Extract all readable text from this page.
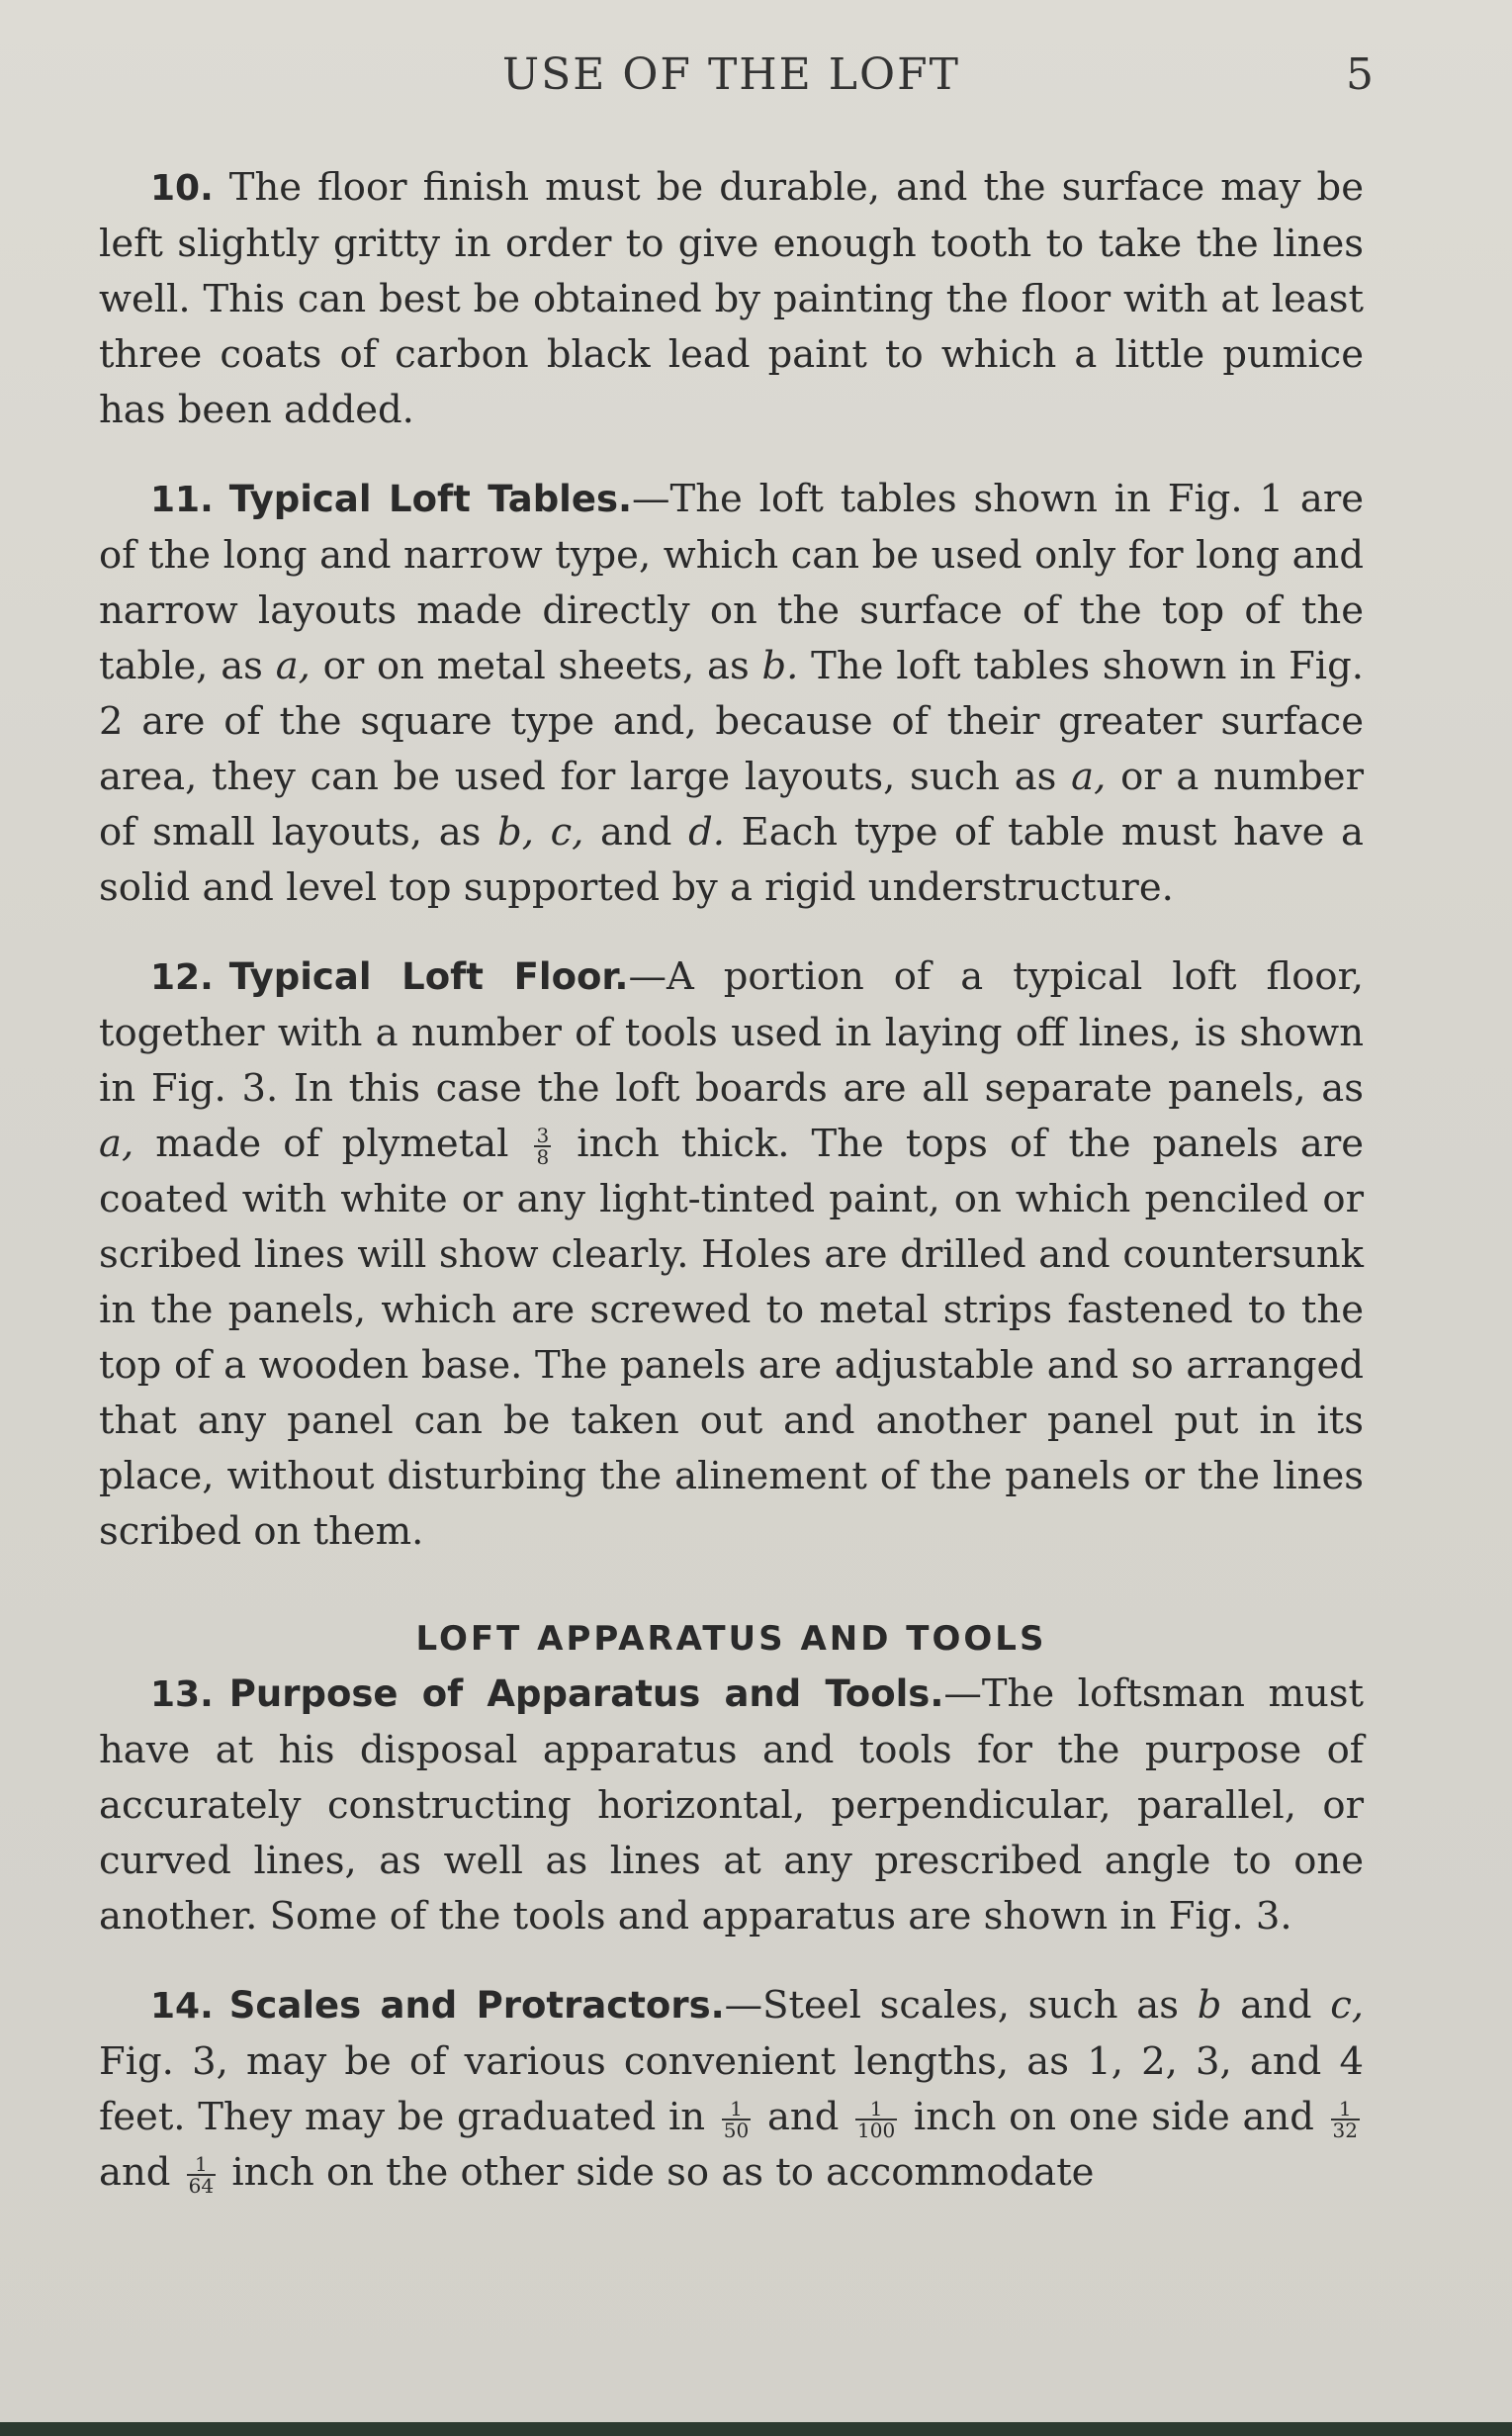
USE OF THE LOFT	5

10. The floor finish must be durable, and the surface may be left slightly gritty in order to give enough tooth to take the lines well. This can best be obtained by painting the floor with at least three coats of carbon black lead paint to which a little pumice has been added.

11. Typical Loft Tables.—The loft tables shown in Fig. 1 are of the long and narrow type, which can be used only for long and narrow layouts made directly on the surface of the top of the table, as a, or on metal sheets, as b. The loft tables shown in Fig. 2 are of the square type and, because of their greater surface area, they can be used for large layouts, such as a, or a number of small layouts, as b, c, and d. Each type of table must have a solid and level top supported by a rigid understructure.

12. Typical Loft Floor.—A portion of a typical loft floor, together with a number of tools used in laying off lines, is shown in Fig. 3. In this case the loft boards are all separate panels, as a, made of plymetal $\frac{3}{8}$ inch thick. The tops of the panels are coated with white or any light-tinted paint, on which penciled or scribed lines will show clearly. Holes are drilled and countersunk in the panels, which are screwed to metal strips fastened to the top of a wooden base. The panels are adjustable and so arranged that any panel can be taken out and another panel put in its place, without disturbing the alinement of the panels or the lines scribed on them.

LOFT APPARATUS AND TOOLS

13. Purpose of Apparatus and Tools.—The loftsman must have at his disposal apparatus and tools for the purpose of accurately constructing horizontal, perpendicular, parallel, or curved lines, as well as lines at any prescribed angle to one another. Some of the tools and apparatus are shown in Fig. 3.

14. Scales and Protractors.—Steel scales, such as b and c, Fig. 3, may be of various convenient lengths, as 1, 2, 3, and 4 feet. They may be graduated in $\frac{1}{50}$ and $\frac{1}{100}$ inch on one side and $\frac{1}{32}$
and $\frac{1}{64}$ inch on the other side so as to accommodate
